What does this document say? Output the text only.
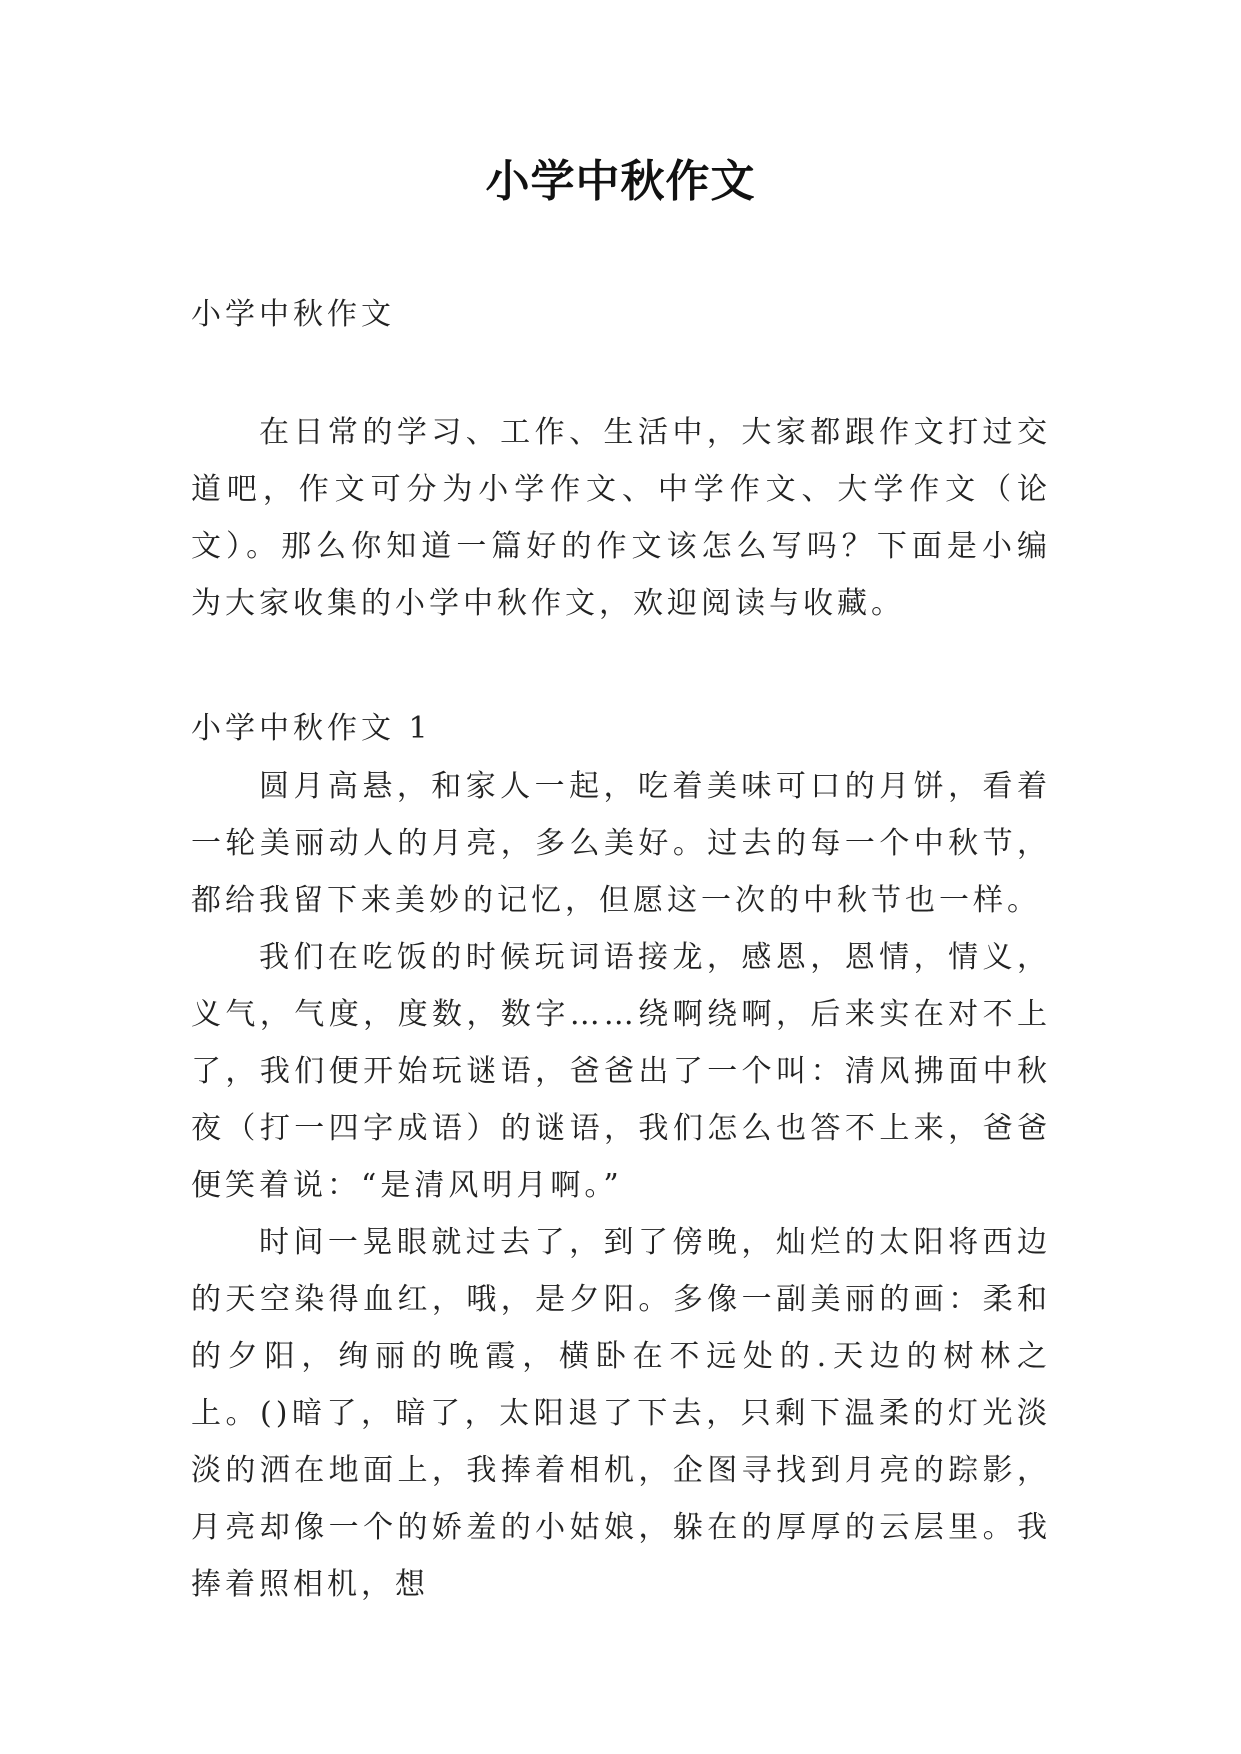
小学中秋作文
小学中秋作文

在日常的学习、工作、生活中，大家都跟作文打过交道吧，作文可分为小学作文、中学作文、大学作文（论文）。那么你知道一篇好的作文该怎么写吗？下面是小编为大家收集的小学中秋作文，欢迎阅读与收藏。

小学中秋作文 1

圆月高悬，和家人一起，吃着美味可口的月饼，看着一轮美丽动人的月亮，多么美好。过去的每一个中秋节，都给我留下来美妙的记忆，但愿这一次的中秋节也一样。

我们在吃饭的时候玩词语接龙，感恩，恩情，情义，义气，气度，度数，数字……绕啊绕啊，后来实在对不上了，我们便开始玩谜语，爸爸出了一个叫：清风拂面中秋夜（打一四字成语）的谜语，我们怎么也答不上来，爸爸便笑着说：“是清风明月啊。”

时间一晃眼就过去了，到了傍晚，灿烂的太阳将西边的天空染得血红，哦，是夕阳。多像一副美丽的画：柔和的夕阳，绚丽的晚霞，横卧在不远处的.天边的树林之上。()暗了，暗了，太阳退了下去，只剩下温柔的灯光淡淡的洒在地面上，我捧着相机，企图寻找到月亮的踪影，月亮却像一个的娇羞的小姑娘，躲在的厚厚的云层里。我捧着照相机，想
